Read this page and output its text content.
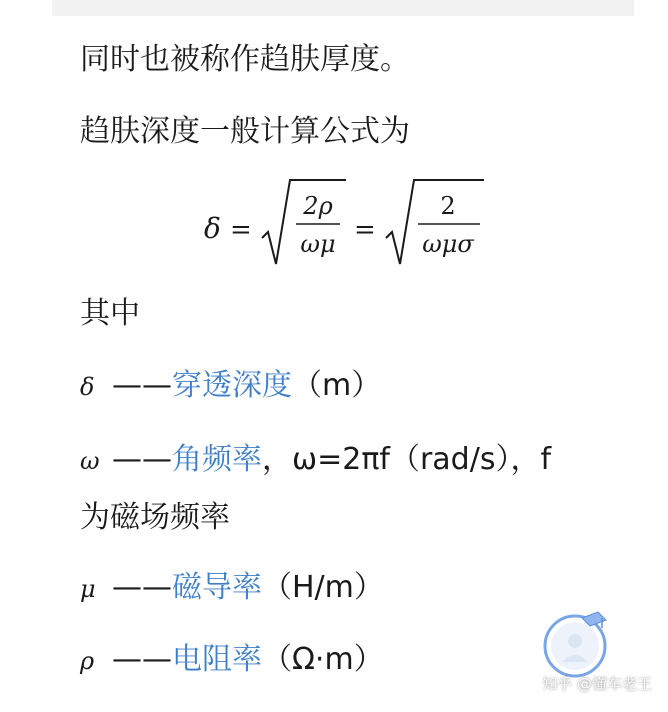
同时也被称作趋肤厚度。
趋肤深度一般计算公式为
δ =
2ρ
ωμ =
2
ωμσ
其中
δ ——穿透深度（m）
ω ——角频率，ω=2πf（rad/s），f
为磁场频率
μ ——磁导率（H/m）
ρ ——电阻率（Ω·m）
知乎 @懂车老王
